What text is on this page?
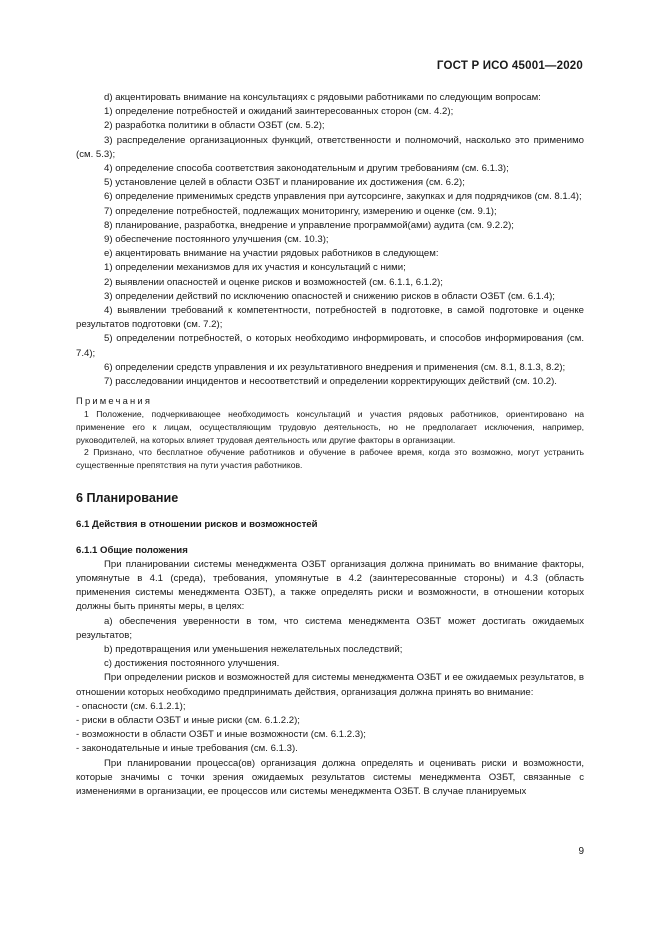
ГОСТ Р ИСО 45001—2020

d) акцентировать внимание на консультациях с рядовыми работниками по следующим вопросам:

1) определение потребностей и ожиданий заинтересованных сторон (см. 4.2);

2) разработка политики в области ОЗБТ (см. 5.2);

3) распределение организационных функций, ответственности и полномочий, насколько это применимо (см. 5.3);

4) определение способа соответствия законодательным и другим требованиям (см. 6.1.3);

5) установление целей в области ОЗБТ и планирование их достижения (см. 6.2);

6) определение применимых средств управления при аутсорсинге, закупках и для подрядчиков (см. 8.1.4);

7) определение потребностей, подлежащих мониторингу, измерению и оценке (см. 9.1);

8) планирование, разработка, внедрение и управление программой(ами) аудита (см. 9.2.2);

9) обеспечение постоянного улучшения (см. 10.3);

е) акцентировать внимание на участии рядовых работников в следующем:

1) определении механизмов для их участия и консультаций с ними;

2) выявлении опасностей и оценке рисков и возможностей (см. 6.1.1, 6.1.2);

3) определении действий по исключению опасностей и снижению рисков в области ОЗБТ (см. 6.1.4);

4) выявлении требований к компетентности, потребностей в подготовке, в самой подготовке и оценке результатов подготовки (см. 7.2);

5) определении потребностей, о которых необходимо информировать, и способов информирования (см. 7.4);

6) определении средств управления и их результативного внедрения и применения (см. 8.1, 8.1.3, 8.2);

7) расследовании инцидентов и несоответствий и определении корректирующих действий (см. 10.2).

Примечания

1 Положение, подчеркивающее необходимость консультаций и участия рядовых работников, ориентировано на применение его к лицам, осуществляющим трудовую деятельность, но не предполагает исключения, например, руководителей, на которых влияет трудовая деятельность или другие факторы в организации.

2 Признано, что бесплатное обучение работников и обучение в рабочее время, когда это возможно, могут устранить существенные препятствия на пути участия работников.

6 Планирование

6.1 Действия в отношении рисков и возможностей

6.1.1 Общие положения

При планировании системы менеджмента ОЗБТ организация должна принимать во внимание факторы, упомянутые в 4.1 (среда), требования, упомянутые в 4.2 (заинтересованные стороны) и 4.3 (область применения системы менеджмента ОЗБТ), а также определять риски и возможности, в отношении которых должны быть приняты меры, в целях:

a) обеспечения уверенности в том, что система менеджмента ОЗБТ может достигать ожидаемых результатов;

b) предотвращения или уменьшения нежелательных последствий;

c) достижения постоянного улучшения.

При определении рисков и возможностей для системы менеджмента ОЗБТ и ее ожидаемых результатов, в отношении которых необходимо предпринимать действия, организация должна принять во внимание:

- опасности (см. 6.1.2.1);

- риски в области ОЗБТ и иные риски (см. 6.1.2.2);

- возможности в области ОЗБТ и иные возможности (см. 6.1.2.3);

- законодательные и иные требования (см. 6.1.3).

При планировании процесса(ов) организация должна определять и оценивать риски и возможности, которые значимы с точки зрения ожидаемых результатов системы менеджмента ОЗБТ, связанные с изменениями в организации, ее процессов или системы менеджмента ОЗБТ. В случае планируемых

9
